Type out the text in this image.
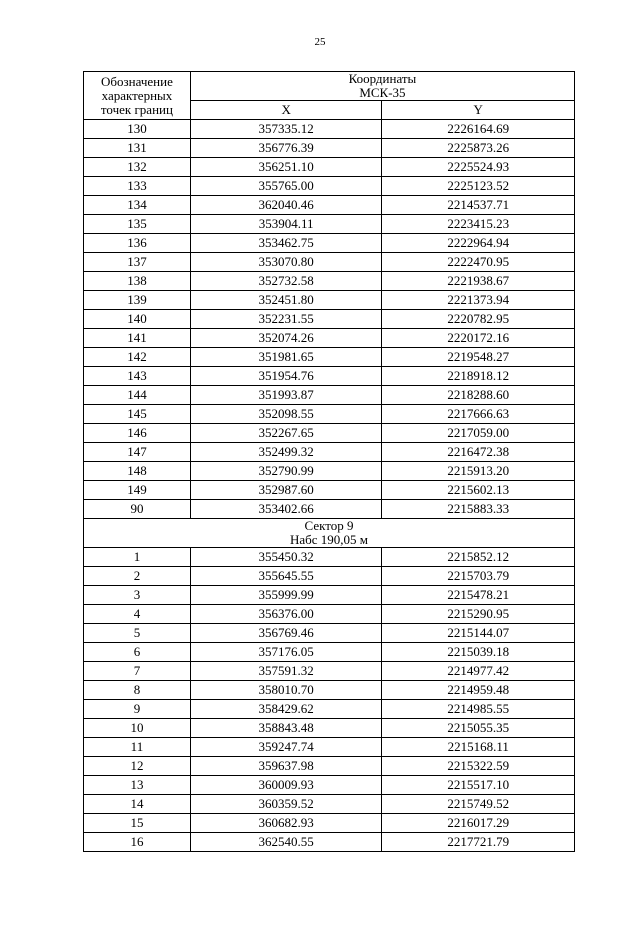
25
Обозначение
характерных
точек границ	Координаты
МСК-35	
	X	Y
130	357335.12	2226164.69
131	356776.39	2225873.26
132	356251.10	2225524.93
133	355765.00	2225123.52
134	362040.46	2214537.71
135	353904.11	2223415.23
136	353462.75	2222964.94
137	353070.80	2222470.95
138	352732.58	2221938.67
139	352451.80	2221373.94
140	352231.55	2220782.95
141	352074.26	2220172.16
142	351981.65	2219548.27
143	351954.76	2218918.12
144	351993.87	2218288.60
145	352098.55	2217666.63
146	352267.65	2217059.00
147	352499.32	2216472.38
148	352790.99	2215913.20
149	352987.60	2215602.13
90	353402.66	2215883.33
Сектор 9
Набс 190,05 м		
1	355450.32	2215852.12
2	355645.55	2215703.79
3	355999.99	2215478.21
4	356376.00	2215290.95
5	356769.46	2215144.07
6	357176.05	2215039.18
7	357591.32	2214977.42
8	358010.70	2214959.48
9	358429.62	2214985.55
10	358843.48	2215055.35
11	359247.74	2215168.11
12	359637.98	2215322.59
13	360009.93	2215517.10
14	360359.52	2215749.52
15	360682.93	2216017.29
16	362540.55	2217721.79
